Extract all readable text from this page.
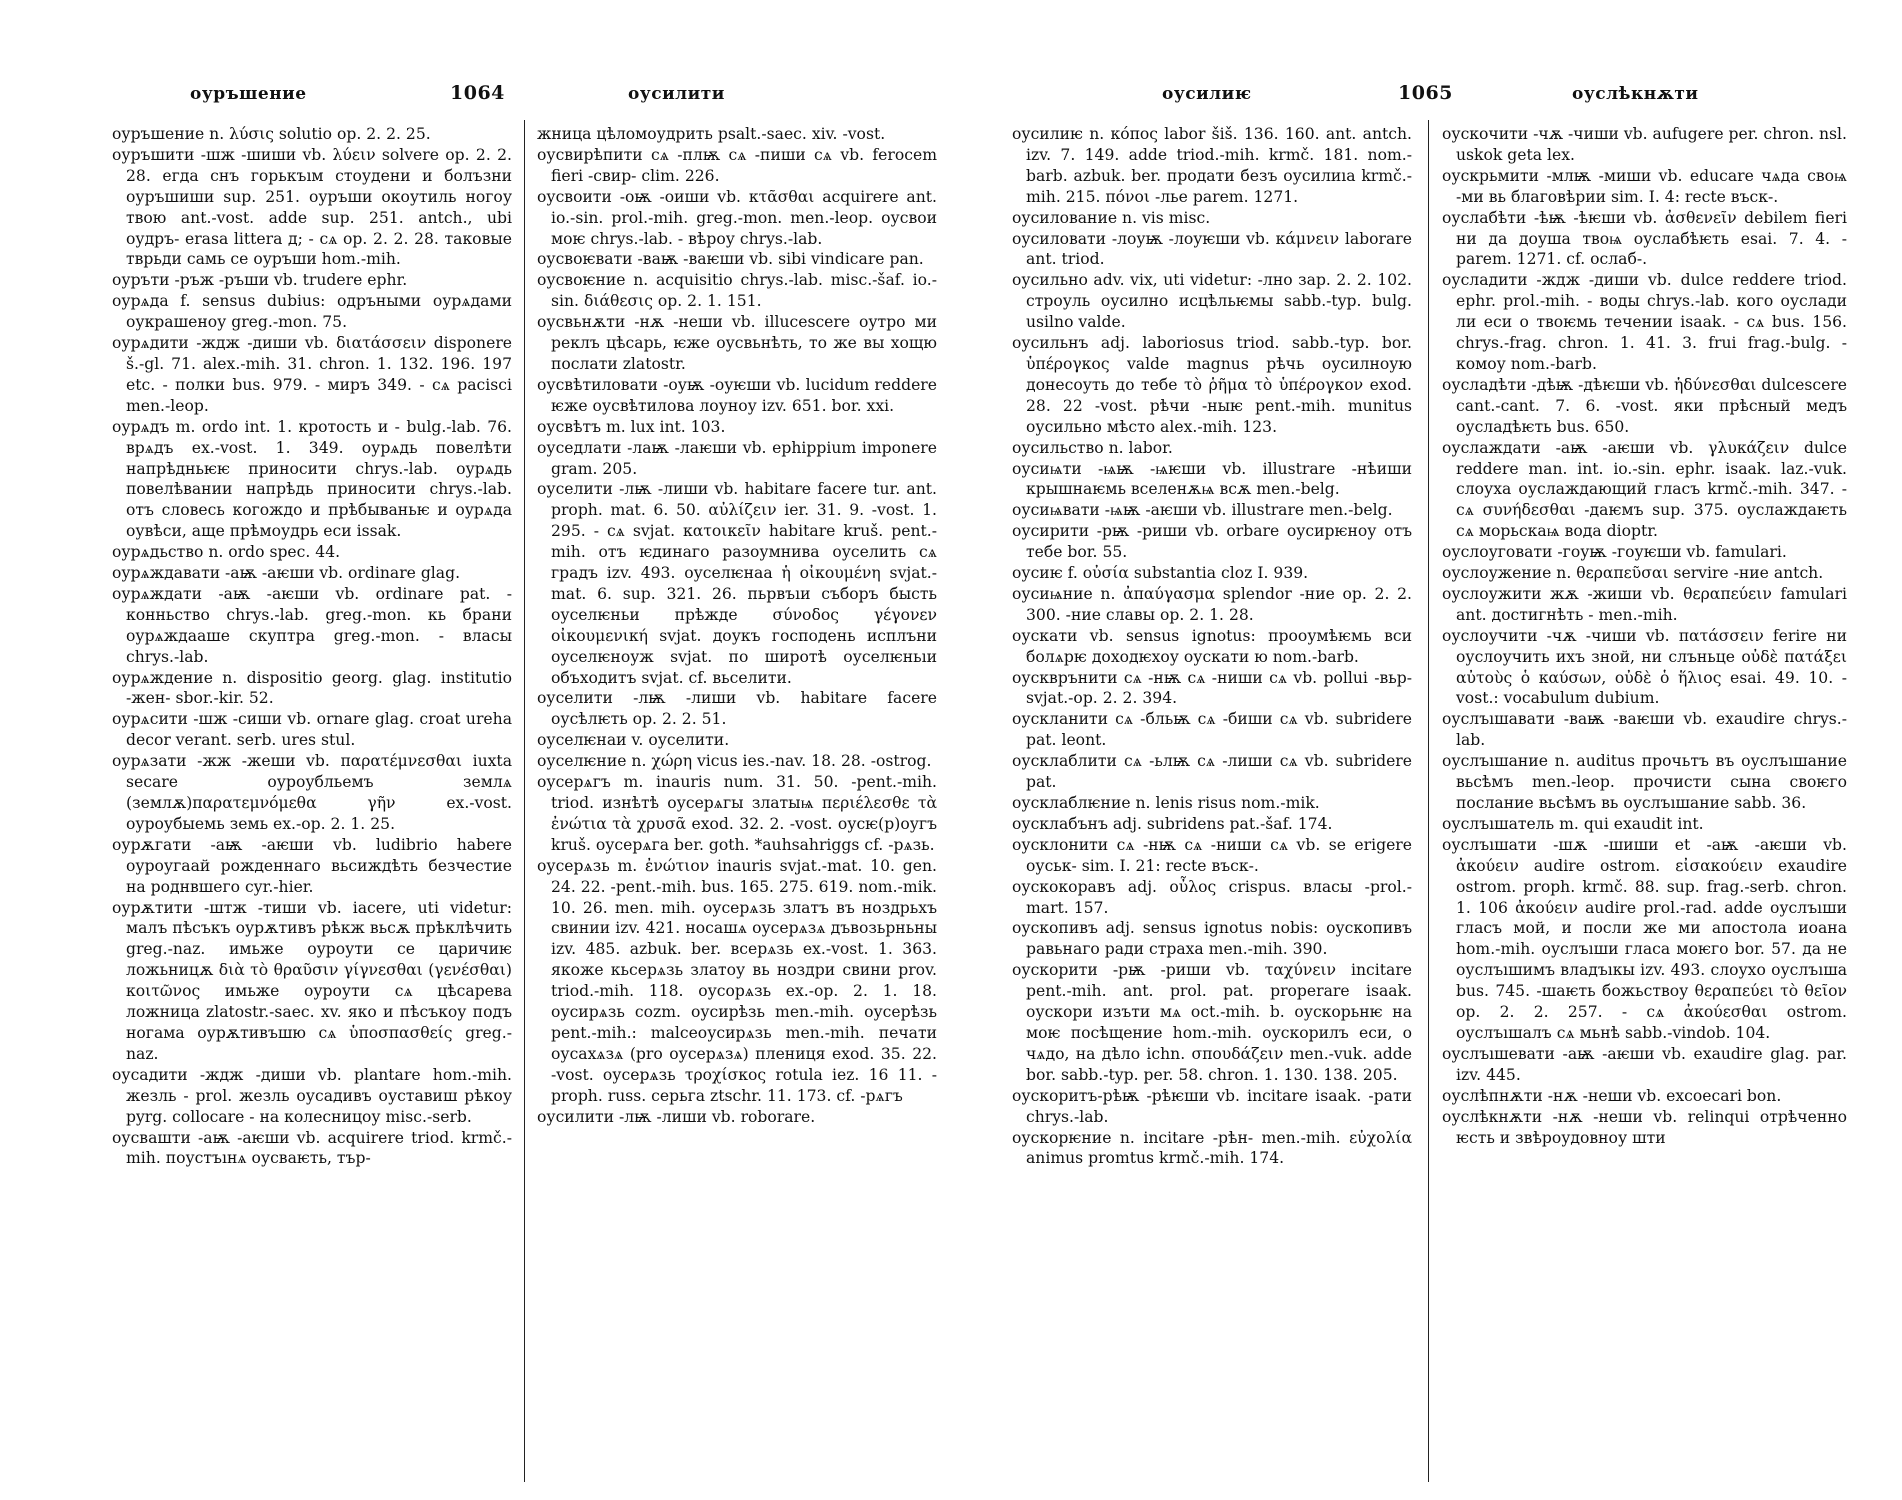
оуръшение	1064	оусилити

оуръшение n. λύσις solutio op. 2. 2. 25.

оуръшити -шж -шиши vb. λύειν solvere op. 2. 2. 28. егда снъ горькъıм стоудени и болъзни оуръшиши sup. 251. оуръши окоутиль ногоу твою ant.-vost. adde sup. 251. antch., ubi оудръ- erasa littera д; - сѧ op. 2. 2. 28. таковые тврьди самь се оуръши hom.-mih.

оуръти -ръж -ръши vb. trudere ephr.

оурѧда f. sensus dubius: одръными оурѧдами оукрашеноу greg.-mon. 75.

оурѧдити -ждж -диши vb. διατάσσειν disponere š.-gl. 71. alex.-mih. 31. chron. 1. 132. 196. 197 etc. - полки bus. 979. - миръ 349. - сѧ pacisci men.-leop.

оурѧдъ m. ordo int. 1. кротость и - bulg.-lab. 76. врѧдъ ex.-vost. 1. 349. оурѧдь повелѣти напрѣдньѥѥ приносити chrys.-lab. оурѧдь повелѣвании напрѣдь приносити chrys.-lab. отъ словесь когождо и прѣбываньѥ и оурѧда оувѣси, аще прѣмоудрь еси issak.

оурѧдьство n. ordo spec. 44.

оурѧждавати -аѭ -аѥши vb. ordinare glag.

оурѧждати -аѭ -аѥши vb. ordinare pat. - конньство chrys.-lab. greg.-mon. кь брани оурѧждааше скуптра greg.-mon. - власы chrys.-lab.

оурѧждение n. dispositio georg. glag. institutio -жен- sbor.-kir. 52.

оурѧсити -шж -сиши vb. ornare glag. croat ureha decor verant. serb. ures stul.

оурѧзати -жж -жеши vb. παρατέμνεσθαι iuxta secare оуроубльемъ землѧ (землѫ)παρατεμνόμεθα γῆν ex.-vost. оуроубыемь земь ex.-op. 2. 1. 25.

оурѫгати -аѭ -аѥши vb. ludibrio habere оуроугаай рожденнаго вьсиждѣть безчестие на роднвшего cyr.-hier.

оурѫтити -штж -тиши vb. iacere, uti videtur: малъ пѣсъкъ оурѫтивъ рѣкж вьсѫ прѣклѣчить greg.-naz. имьже оуроути се царичиѥ ложьницѫ διὰ τὸ θραῦσιν γίγνεσθαι (γενέσθαι) κοιτῶνος имьже оуроути сѧ цѣсарева ложница zlatostr.-saec. xv. яко и пѣсъкоу подъ ногама оурѫтивъшю сѧ ὑποσπασθείς greg.-naz.

оусадити -ждж -диши vb. plantare hom.-mih. жезль - prol. жезль оусадивъ оуставиш рѣкоу pyrg. collocare - на колесницоу misc.-serb.

оусвашти -аѭ -аѥши vb. acquirere triod. krmč.-mih. поустъıнѧ оусваѥть, тър-

жница цѣломоудрить psalt.-saec. xiv. -vost.

оусвирѣпити сѧ -плѭ сѧ -пиши сѧ vb. ferocem fieri -свир- clim. 226.

оусвоити -оѭ -оиши vb. κτᾶσθαι acquirere ant. io.-sin. prol.-mih. greg.-mon. men.-leop. оусвои моѥ chrys.-lab. - вѣроу chrys.-lab.

оусвоѥвати -ваѭ -ваѥши vb. sibi vindicare pan.

оусвоѥние n. acquisitio chrys.-lab. misc.-šaf. io.-sin. διάθεσις op. 2. 1. 151.

оусвьнѫти -нѫ -неши vb. illucescere оутро ми реклъ цѣсарь, ѥже оусвьнѣть, то же вы хощю послати zlatostr.

оусвѣтиловати -оуѭ -оуѥши vb. lucidum reddere ѥже оусвѣтилова лоуноу izv. 651. bor. xxi.

оусвѣтъ m. lux int. 103.

оуседлати -лаѭ -лаѥши vb. ephippium imponere gram. 205.

оуселити -лѭ -лиши vb. habitare facere tur. ant. proph. mat. 6. 50. αὐλίζειν ier. 31. 9. -vost. 1. 295. - сѧ svjat. κατοικεῖν habitare kruš. pent.-mih. отъ ѥдинаго разоумнива оуселить сѧ градъ izv. 493. оуселѥнаа ἡ οἰκουμένη svjat.-mat. 6. sup. 321. 26. пьрвъıи съборъ бысть оуселѥньи прѣжде σύνοδος γέγονεν οἰκουμενική svjat. доукъ господень исплъни оуселѥноуж svjat. по широтѣ оуселѥньıи объходитъ svjat. cf. вьселити.

оуселити -лѭ -лиши vb. habitare facere оусѣлѥть op. 2. 2. 51.

оуселѥнаи v. оуселити.

оуселѥние n. χώρη vicus ies.-nav. 18. 28. -ostrog.

оусерѧгъ m. inauris num. 31. 50. -pent.-mih. triod. изнѣтѣ оусерѧгы златыѩ περιέλεσθε τὰ ἐνώτια τὰ χρυσᾶ exod. 32. 2. -vost. оусѥ(р)оугъ kruš. оусерѧга ber. goth. *auhsahriggs cf. -рѧзь.

оусерѧзь m. ἐνώτιον inauris svjat.-mat. 10. gen. 24. 22. -pent.-mih. bus. 165. 275. 619. nom.-mik. 10. 26. men. mih. оусерѧзь златъ въ ноздрьхъ свинии izv. 421. носашѧ оусерѧзѧ дъвозьрньны izv. 485. azbuk. ber. всерѧзь ex.-vost. 1. 363. якоже кьсерѧзь златоу вь ноздри свини prov. triod.-mih. 118. оусорѧзь ex.-op. 2. 1. 18. оусирѧзь cozm. оусирѣзь men.-mih. оусерѣзь pent.-mih.: malceоусирѧзь men.-mih. печати оусахѧзѧ (pro оусерѧзѧ) плениця exod. 35. 22. -vost. оусерѧзь τροχίσκος rotula iez. 16 11. -proph. russ. серьга ztschr. 11. 173. cf. -рѧгъ

оусилити -лѭ -лиши vb. roborare.

оусилиѥ	1065	оуслѣкнѫти

оусилиѥ n. κόπος labor šiš. 136. 160. ant. antch. izv. 7. 149. adde triod.-mih. krmč. 181. nom.-barb. azbuk. ber. продати безъ оусилиıа krmč.-mih. 215. πόνοι -лье parem. 1271.

оусилование n. vis misc.

оусиловати -лоуѭ -лоуѥши vb. κάμνειν laborare ant. triod.

оусильно adv. vix, uti videtur: -лно зар. 2. 2. 102. строуль оусилно исцѣльѥмы sabb.-typ. bulg. usilno valde.

оусильнъ adj. laboriosus triod. sabb.-typ. bor. ὑπέρογκος valde magnus рѣчь оусилноую донесоуть до тебе τὸ ῥῆμα τὸ ὑπέρογκον exod. 28. 22 -vost. рѣчи -ныѥ pent.-mih. munitus оусильно мѣсто alex.-mih. 123.

оусильство n. labor.

оусиѩти -ѩѭ -ѩѥши vb. illustrare -нѣиши крышнаѥмь вселенѫѩ всѫ men.-belg.

оусиѩвати -ѩѭ -аѥши vb. illustrare men.-belg.

оусирити -рѭ -риши vb. orbare оусирѥноу отъ тебе bor. 55.

оусиѥ f. οὐσία substantia cloz I. 939.

оусиѩние n. ἀπαύγασμα splendor -ние op. 2. 2. 300. -ние славы op. 2. 1. 28.

оускати vb. sensus ignotus: прооумѣѥмь вси болѧрѥ доходѥхоу оускати ю nom.-barb.

оускврънити сѧ -нѭ сѧ -ниши сѧ vb. pollui -вьр- svjat.-op. 2. 2. 394.

оускланити сѧ -бльѭ сѧ -биши сѧ vb. subridere pat. leont.

оусклаблити сѧ -ьлѭ сѧ -лиши сѧ vb. subridere pat.

оусклаблѥние n. lenis risus nom.-mik.

оусклабънъ adj. subridens pat.-šaf. 174.

оусклонити сѧ -нѭ сѧ -ниши сѧ vb. se erigere оуськ- sim. I. 21: recte въск-.

оускокоравъ adj. οὖλος crispus. власы -prol.-mart. 157.

оускопивъ adj. sensus ignotus nobis: оускопивъ равьнаго ради страха men.-mih. 390.

оускорити -рѭ -риши vb. ταχύνειν incitare pent.-mih. ant. prol. pat. properare isaak. оускори изъти мѧ oct.-mih. b. оускорьнѥ на моѥ посѣщение hom.-mih. оускорилъ еси, о чѧдо, на дѣло ichn. σπουδάζειν men.-vuk. adde bor. sabb.-typ. per. 58. chron. 1. 130. 138. 205.

оускоритъ-рѣѭ -рѣѥши vb. incitare isaak. -рати chrys.-lab.

оускорѥние n. incitare -рѣн- men.-mih. εὐχολία animus promtus krmč.-mih. 174.

оускочити -чѫ -чиши vb. aufugere per. chron. nsl. uskok geta lex.

оускрьмити -млѭ -миши vb. educare чѧда своѩ -ми вь благовѣрии sim. I. 4: recte въск-.

оуслабѣти -ѣѭ -ѣѥши vb. ἀσθενεῖν debilem fieri ни да доуша твоѩ оуслабѣѥть esai. 7. 4. -parem. 1271. cf. ослаб-.

оусладити -ждж -диши vb. dulce reddere triod. ephr. prol.-mih. - воды chrys.-lab. кого оуслади ли еси о твоѥмь течении isaak. - сѧ bus. 156. chrys.-frag. chron. 1. 41. 3. frui frag.-bulg. - комоу nom.-barb.

оусладѣти -дѣѭ -дѣѥши vb. ἡδύνεσθαι dulcescere cant.-cant. 7. 6. -vost. яки прѣсный медъ оусладѣѥть bus. 650.

оуслаждати -аѭ -аѥши vb. γλυκάζειν dulce reddere man. int. io.-sin. ephr. isaak. laz.-vuk. слоуха оуслаждающий гласъ krmč.-mih. 347. - сѧ συνήδεσθαι -даѥмъ sup. 375. оуслаждаѥть сѧ морьскаѩ вода dioptr.

оуслоуговати -гоуѭ -гоуѥши vb. famulari.

оуслоужение n. θεραπεῦσαι servire -ние antch.

оуслоужити жѫ -жиши vb. θεραπεύειν famulari ant. достигнѣть - men.-mih.

оуслоучити -чѫ -чиши vb. πατάσσειν ferire ни оуслоучить ихъ зной, ни слъньце οὐδὲ πατάξει αὐτοὺς ὁ καύσων, οὐδὲ ὁ ἥλιος esai. 49. 10. -vost.: vocabulum dubium.

оуслъıшавати -ваѭ -ваѥши vb. exaudire chrys.-lab.

оуслъıшание n. auditus прочьтъ въ оуслъıшание вьсѣмъ men.-leop. прочисти сына своѥго послание вьсѣмъ вь оуслъıшание sabb. 36.

оуслъıшатель m. qui exaudit int.

оуслъıшати -шѫ -шиши et -аѭ -аѥши vb. ἀκούειν audire ostrom. εἰσακούειν exaudire ostrom. proph. krmč. 88. sup. frag.-serb. chron. 1. 106 ἀκούειν audire prol.-rad. adde оуслъıши гласъ мой, и посли же ми апостола иоана hom.-mih. оуслъıши гласа моѥго bor. 57. да не оуслъıшимъ владъıкы izv. 493. слоухо оуслъıша bus. 745. -шаѥть божьствоу θεραπεύει τὸ θεῖον op. 2. 2. 257. - сѧ ἀκούεσθαι ostrom. оуслъıшалъ сѧ мьнѣ sabb.-vindob. 104.

оуслъıшевати -аѭ -аѥши vb. exaudire glag. par. izv. 445.

оуслѣпнѫти -нѫ -неши vb. excoecari bon.

оуслѣкнѫти -нѫ -неши vb. relinqui отрѣченно ѥсть и звѣроудовноу шти
